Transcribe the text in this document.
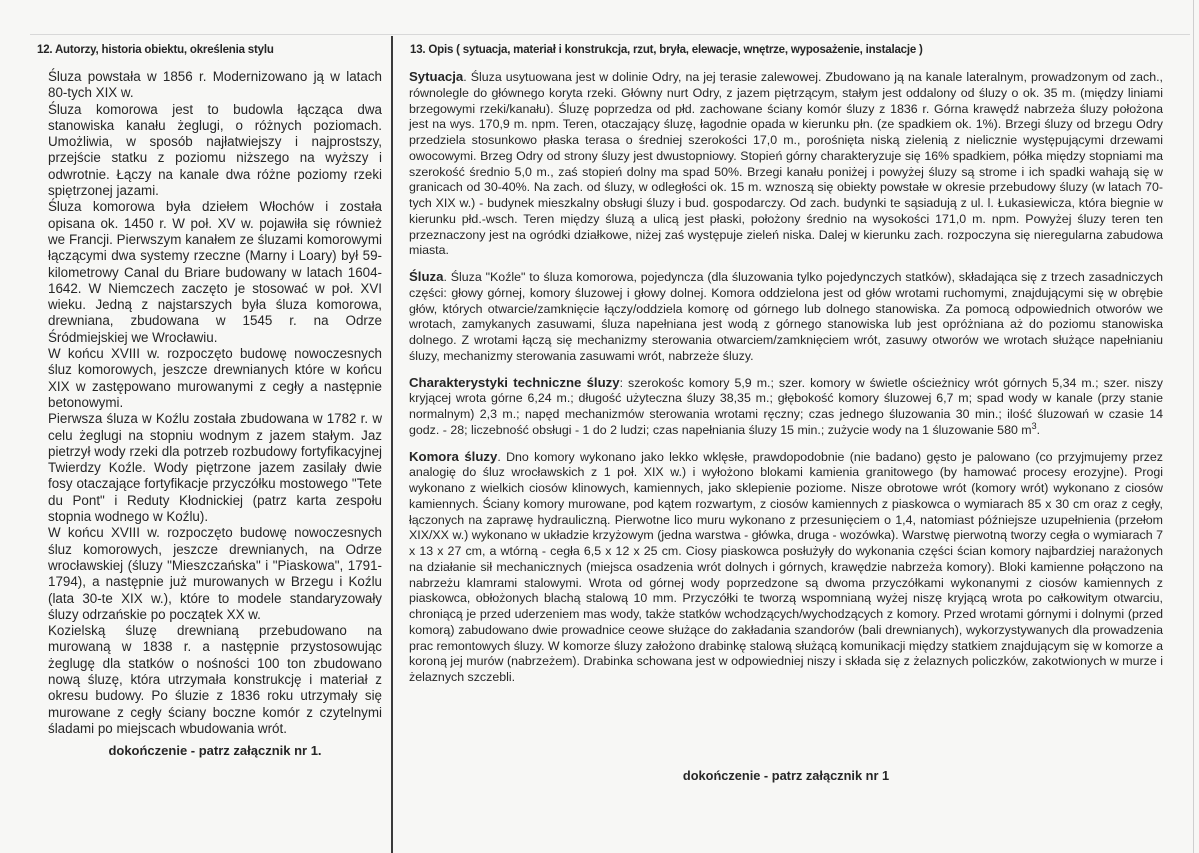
12. Autorzy, historia obiektu, określenia stylu	13. Opis ( sytuacja, materiał i konstrukcja, rzut, bryła, elewacje, wnętrze, wyposażenie, instalacje )

Śluza powstała w 1856 r. Modernizowano ją w latach 80-tych XIX w.

Śluza komorowa jest to budowla łącząca dwa stanowiska kanału żeglugi, o różnych poziomach. Umożliwia, w sposób najłatwiejszy i najprostszy, przejście statku z poziomu niższego na wyższy i odwrotnie. Łączy na kanale dwa różne poziomy rzeki spiętrzonej jazami.

Śluza komorowa była dziełem Włochów i została opisana ok. 1450 r. W poł. XV w. pojawiła się również we Francji. Pierwszym kanałem ze śluzami komorowymi łączącymi dwa systemy rzeczne (Marny i Loary) był 59-kilometrowy Canal du Briare budowany w latach 1604-1642. W Niemczech zaczęto je stosować w poł. XVI wieku. Jedną z najstarszych była śluza komorowa, drewniana, zbudowana w 1545 r. na Odrze Śródmiejskiej we Wrocławiu.

W końcu XVIII w. rozpoczęto budowę nowoczesnych śluz komorowych, jeszcze drewnianych które w końcu XIX w zastępowano murowanymi z cegły a następnie betonowymi.

Pierwsza śluza w Koźlu została zbudowana w 1782 r. w celu żeglugi na stopniu wodnym z jazem stałym. Jaz pietrzył wody rzeki dla potrzeb rozbudowy fortyfikacyjnej Twierdzy Koźle. Wody piętrzone jazem zasilały dwie fosy otaczające fortyfikacje przyczółku mostowego "Tete du Pont" i Reduty Kłodnickiej (patrz karta zespołu stopnia wodnego w Koźlu).

W końcu XVIII w. rozpoczęto budowę nowoczesnych śluz komorowych, jeszcze drewnianych, na Odrze wrocławskiej (śluzy "Mieszczańska" i "Piaskowa", 1791-1794), a następnie już murowanych w Brzegu i Koźlu (lata 30-te XIX w.), które to modele standaryzowały śluzy odrzańskie po początek XX w.

Kozielską śluzę drewnianą przebudowano na murowaną w 1838 r. a następnie przystosowując żeglugę dla statków o nośności 100 ton zbudowano nową śluzę, która utrzymała konstrukcję i materiał z okresu budowy. Po śluzie z 1836 roku utrzymały się murowane z cegły ściany boczne komór z czytelnymi śladami po miejscach wbudowania wrót.

dokończenie - patrz załącznik nr 1.

Sytuacja. Śluza usytuowana jest w dolinie Odry, na jej terasie zalewowej. Zbudowano ją na kanale lateralnym, prowadzonym od zach., równolegle do głównego koryta rzeki. Główny nurt Odry, z jazem piętrzącym, stałym jest oddalony od śluzy o ok. 35 m. (między liniami brzegowymi rzeki/kanału). Śluzę poprzedza od płd. zachowane ściany komór śluzy z 1836 r. Górna krawędź nabrzeża śluzy położona jest na wys. 170,9 m. npm. Teren, otaczający śluzę, łagodnie opada w kierunku płn. (ze spadkiem ok. 1%). Brzegi śluzy od brzegu Odry przedziela stosunkowo płaska terasa o średniej szerokości 17,0 m., porośnięta niską zielenią z nielicznie występującymi drzewami owocowymi. Brzeg Odry od strony śluzy jest dwustopniowy. Stopień górny charakteryzuje się 16% spadkiem, półka między stopniami ma szerokość średnio 5,0 m., zaś stopień dolny ma spad 50%. Brzegi kanału poniżej i powyżej śluzy są strome i ich spadki wahają się w granicach od 30-40%. Na zach. od śluzy, w odległości ok. 15 m. wznoszą się obiekty powstałe w okresie przebudowy śluzy (w latach 70-tych XIX w.) - budynek mieszkalny obsługi śluzy i bud. gospodarczy. Od zach. budynki te sąsiadują z ul. l. Łukasiewicza, która biegnie w kierunku płd.-wsch. Teren między śluzą a ulicą jest płaski, położony średnio na wysokości 171,0 m. npm. Powyżej śluzy teren ten przeznaczony jest na ogródki działkowe, niżej zaś występuje zieleń niska. Dalej w kierunku zach. rozpoczyna się nieregularna zabudowa miasta.

Śluza. Śluza "Koźle" to śluza komorowa, pojedyncza (dla śluzowania tylko pojedynczych statków), składająca się z trzech zasadniczych części: głowy górnej, komory śluzowej i głowy dolnej. Komora oddzielona jest od głów wrotami ruchomymi, znajdującymi się w obrębie głów, których otwarcie/zamknięcie łączy/oddziela komorę od górnego lub dolnego stanowiska. Za pomocą odpowiednich otworów we wrotach, zamykanych zasuwami, śluza napełniana jest wodą z górnego stanowiska lub jest opróżniana aż do poziomu stanowiska dolnego. Z wrotami łączą się mechanizmy sterowania otwarciem/zamknięciem wrót, zasuwy otworów we wrotach służące napełnianiu śluzy, mechanizmy sterowania zasuwami wrót, nabrzeże śluzy.

Charakterystyki techniczne śluzy: szerokośc komory 5,9 m.; szer. komory w świetle ościeżnicy wrót górnych 5,34 m.; szer. niszy kryjącej wrota górne 6,24 m.; długość użyteczna śluzy 38,35 m.; głębokość komory śluzowej 6,7 m; spad wody w kanale (przy stanie normalnym) 2,3 m.; napęd mechanizmów sterowania wrotami ręczny; czas jednego śluzowania 30 min.; ilość śluzowań w czasie 14 godz. - 28; liczebność obsługi - 1 do 2 ludzi; czas napełniania śluzy 15 min.; zużycie wody na 1 śluzowanie 580 $m^3$.

Komora śluzy. Dno komory wykonano jako lekko wklęsłe, prawdopodobnie (nie badano) gęsto je palowano (co przyjmujemy przez analogię do śluz wrocławskich z 1 poł. XIX w.) i wyłożono blokami kamienia granitowego (by hamować procesy erozyjne). Progi wykonano z wielkich ciosów klinowych, kamiennych, jako sklepienie poziome. Nisze obrotowe wrót (komory wrót) wykonano z ciosów kamiennych. Ściany komory murowane, pod kątem rozwartym, z ciosów kamiennych z piaskowca o wymiarach 85 x 30 cm oraz z cegły, łączonych na zaprawę hydrauliczną. Pierwotne lico muru wykonano z przesunięciem o 1,4, natomiast późniejsze uzupełnienia (przełom XIX/XX w.) wykonano w układzie krzyżowym (jedna warstwa - główka, druga - wozówka). Warstwę pierwotną tworzy cegła o wymiarach 7 x 13 x 27 cm, a wtórną - cegła 6,5 x 12 x 25 cm. Ciosy piaskowca posłużyły do wykonania części ścian komory najbardziej narażonych na działanie sił mechanicznych (miejsca osadzenia wrót dolnych i górnych, krawędzie nabrzeża komory). Bloki kamienne połączono na nabrzeżu klamrami stalowymi. Wrota od górnej wody poprzedzone są dwoma przyczółkami wykonanymi z ciosów kamiennych z piaskowca, obłożonych blachą stalową 10 mm. Przyczółki te tworzą wspomnianą wyżej niszę kryjącą wrota po całkowitym otwarciu, chroniącą je przed uderzeniem mas wody, także statków wchodzących/wychodzących z komory. Przed wrotami górnymi i dolnymi (przed komorą) zabudowano dwie prowadnice ceowe służące do zakładania szandorów (bali drewnianych), wykorzystywanych dla prowadzenia prac remontowych śluzy. W komorze śluzy założono drabinkę stalową służącą komunikacji między statkiem znajdującym się w komorze a koroną jej murów (nabrzeżem). Drabinka schowana jest w odpowiedniej niszy i składa się z żelaznych policzków, zakotwionych w murze i żelaznych szczebli.

dokończenie - patrz załącznik nr 1
